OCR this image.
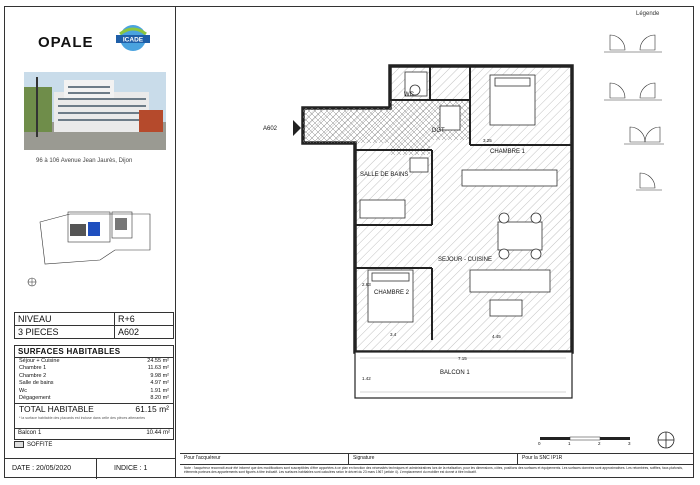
OPALE	ICADE
96 à 106 Avenue Jean Jaurès, Dijon
NIVEAU	R+6
3 PIECES	A602
SURFACES HABITABLES
Séjour + Cuisine	24.55 m²
Chambre 1	11.63 m²
Chambre 2	9.98 m²
Salle de bains	4.97 m²
Wc	1.91 m²
Dégagement	8.20 m²
TOTAL HABITABLE	61.15 m²
* la surface habitable des placards est incluse dans celle des pièces attenantes
Balcon 1	10.44 m²
SOFFITE
DATE : 20/05/2020	INDICE : 1
A602
WC
DGT
CHAMBRE 1
SALLE DE BAINS
SEJOUR - CUISINE
CHAMBRE 2
BALCON 1
3.25
3.4	4.45
7.15
1.42
2.63
0	1	2	3
Légende
Pour l'acquéreur	Signature	Pour la SNC IP1R
Note : l'acquéreur reconnaît avoir été informé que des modifications sont susceptibles d'être apportées à ce plan en fonction des nécessités techniques et administratives lors de la réalisation, pour les dimensions, côtes, positions des surfaces et équipements. Les surfaces données sont approximatives. Les retombées, soffites, faux-plafonds, éléments porteurs des appartements sont figurés à titre indicatif. Les surfaces habitables sont calculées selon le décret du 23 mars 1967 (article 4). L'emplacement du mobilier est donné à titre indicatif.
